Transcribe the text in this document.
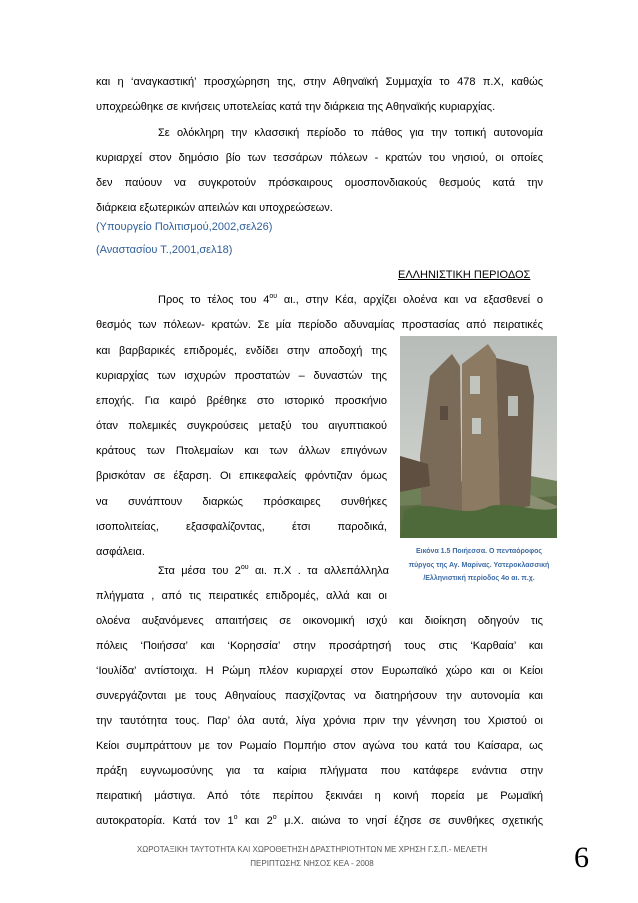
και η ‘αναγκαστική’ προσχώρηση της, στην Αθηναϊκή Συμμαχία το 478 π.Χ, καθώς
υποχρεώθηκε σε κινήσεις υποτελείας κατά την διάρκεια της Αθηναϊκής κυριαρχίας.
Σε ολόκληρη την κλασσική περίοδο το πάθος για την τοπική αυτονομία
κυριαρχεί στον δημόσιο βίο των τεσσάρων πόλεων - κρατών του νησιού, οι οποίες
δεν παύουν να συγκροτούν πρόσκαιρους ομοσπονδιακούς θεσμούς κατά την
διάρκεια εξωτερικών απειλών και υποχρεώσεων.
(Υπουργείο Πολιτισμού,2002,σελ26)
(Αναστασίου Τ.,2001,σελ18)
ΕΛΛΗΝΙΣΤΙΚΗ ΠΕΡΙΟΔΟΣ
Προς το τέλος του $4^{o\upsilon}$ αι., στην Κέα, αρχίζει ολοένα και να εξασθενεί ο
θεσμός των πόλεων- κρατών. Σε μία περίοδο αδυναμίας προστασίας από πειρατικές
και βαρβαρικές επιδρομές, ενδίδει στην αποδοχή της
κυριαρχίας των ισχυρών προστατών – δυναστών της
εποχής. Για καιρό βρέθηκε στο ιστορικό προσκήνιο
όταν πολεμικές συγκρούσεις μεταξύ του αιγυπτιακού
κράτους των Πτολεμαίων και των άλλων επιγόνων
βρισκόταν σε έξαρση. Οι επικεφαλείς φρόντιζαν όμως
να συνάπτουν διαρκώς πρόσκαιρες συνθήκες
ισοπολιτείας, εξασφαλίζοντας, έτσι παροδικά,
ασφάλεια.
Στα μέσα του $2^{o\upsilon}$ αι. π.Χ . τα αλλεπάλληλα
πλήγματα , από τις πειρατικές επιδρομές, αλλά και οι
ολοένα αυξανόμενες απαιτήσεις σε οικονομική ισχύ και διοίκηση οδηγούν τις
πόλεις ‘Ποιήσσα’ και ‘Κορησσία’ στην προσάρτησή τους στις ‘Καρθαία’ και
‘Ιουλίδα’ αντίστοιχα. Η Ρώμη πλέον κυριαρχεί στον Ευρωπαϊκό χώρο και οι Κείοι
συνεργάζονται με τους Αθηναίους πασχίζοντας να διατηρήσουν την αυτονομία και
την ταυτότητα τους. Παρ’ όλα αυτά, λίγα χρόνια πριν την γέννηση του Χριστού οι
Κείοι συμπράττουν με τον Ρωμαίο Πομπήιο στον αγώνα του κατά του Καίσαρα, ως
πράξη ευγνωμοσύνης για τα καίρια πλήγματα που κατάφερε ενάντια στην
πειρατική μάστιγα. Από τότε περίπου ξεκινάει η κοινή πορεία με Ρωμαϊκή
αυτοκρατορία. Κατά τον $1^o$ και $2^o$ μ.Χ. αιώνα το νησί έζησε σε συνθήκες σχετικής
Εικόνα 1.5 Ποιήεσσα. Ο πενταόροφος
πύργος της Αγ. Μαρίνας. Υστεροκλασσική
/Ελληνιστική περίοδος 4ο αι. π.χ.
ΧΩΡΟΤΑΞΙΚΗ ΤΑΥΤΟΤΗΤΑ ΚΑΙ ΧΩΡΟΘΕΤΗΣΗ ΔΡΑΣΤΗΡΙΟΤΗΤΩΝ ΜΕ ΧΡΗΣΗ Γ.Σ.Π.- ΜΕΛΕΤΗ
ΠΕΡΙΠΤΩΣΗΣ ΝΗΣΟΣ ΚΕΑ - 2008	6
